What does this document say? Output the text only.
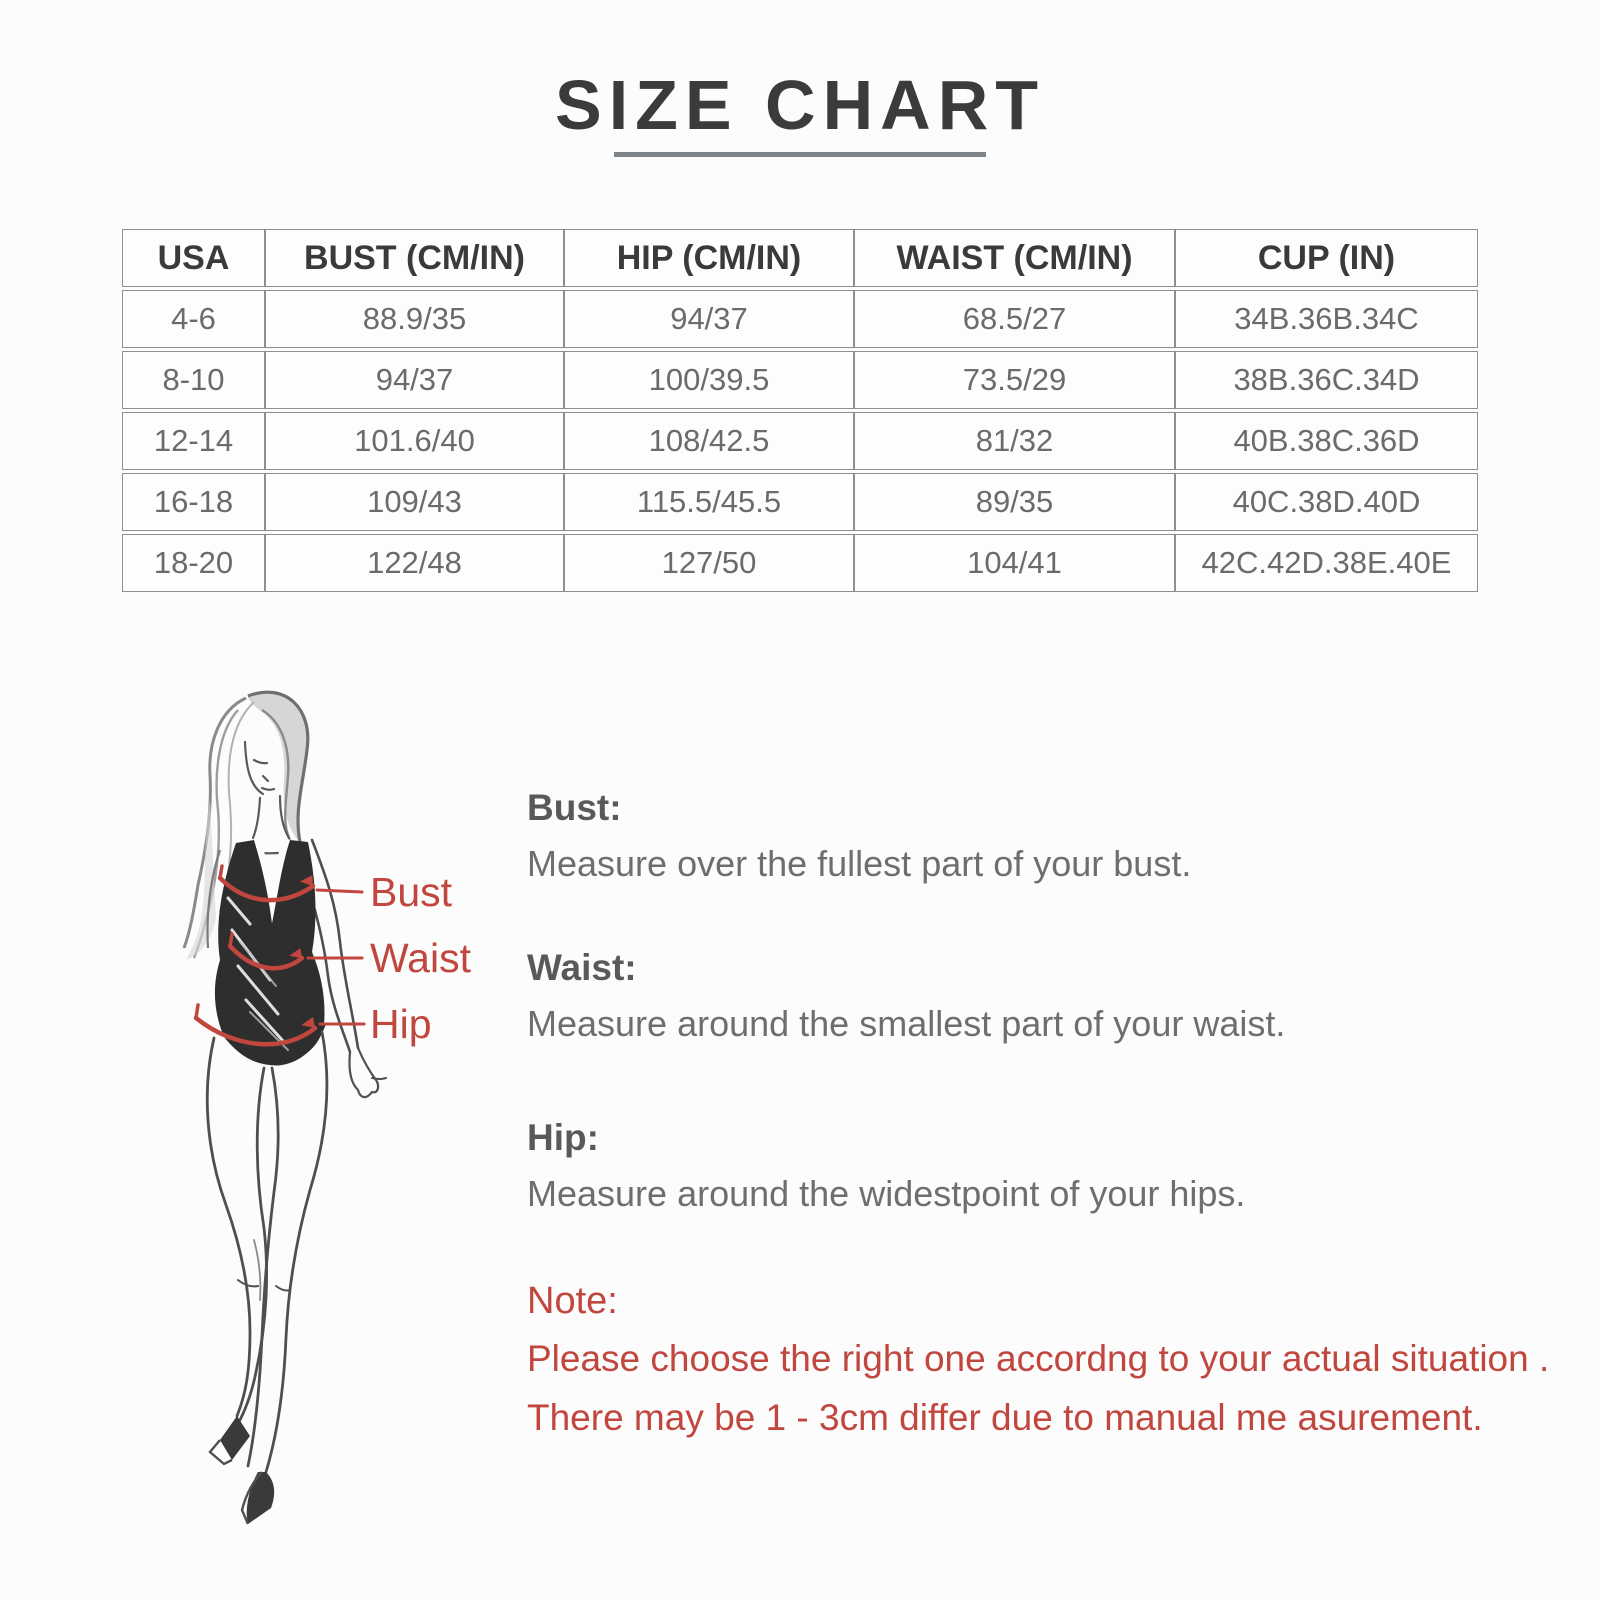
SIZE CHART
USA	BUST (CM/IN)	HIP (CM/IN)	WAIST (CM/IN)	CUP (IN)
4-6	88.9/35	94/37	68.5/27	34B.36B.34C
8-10	94/37	100/39.5	73.5/29	38B.36C.34D
12-14	101.6/40	108/42.5	81/32	40B.38C.36D
16-18	109/43	115.5/45.5	89/35	40C.38D.40D
18-20	122/48	127/50	104/41	42C.42D.38E.40E
Bust
Waist
Hip

Bust:

Measure over the fullest part of your bust.

Waist:

Measure around the smallest part of your waist.

Hip:

Measure around the widestpoint of your hips.

Note:

Please choose the right one accordng to your actual situation .

There may be 1 - 3cm differ due to manual me asurement.
